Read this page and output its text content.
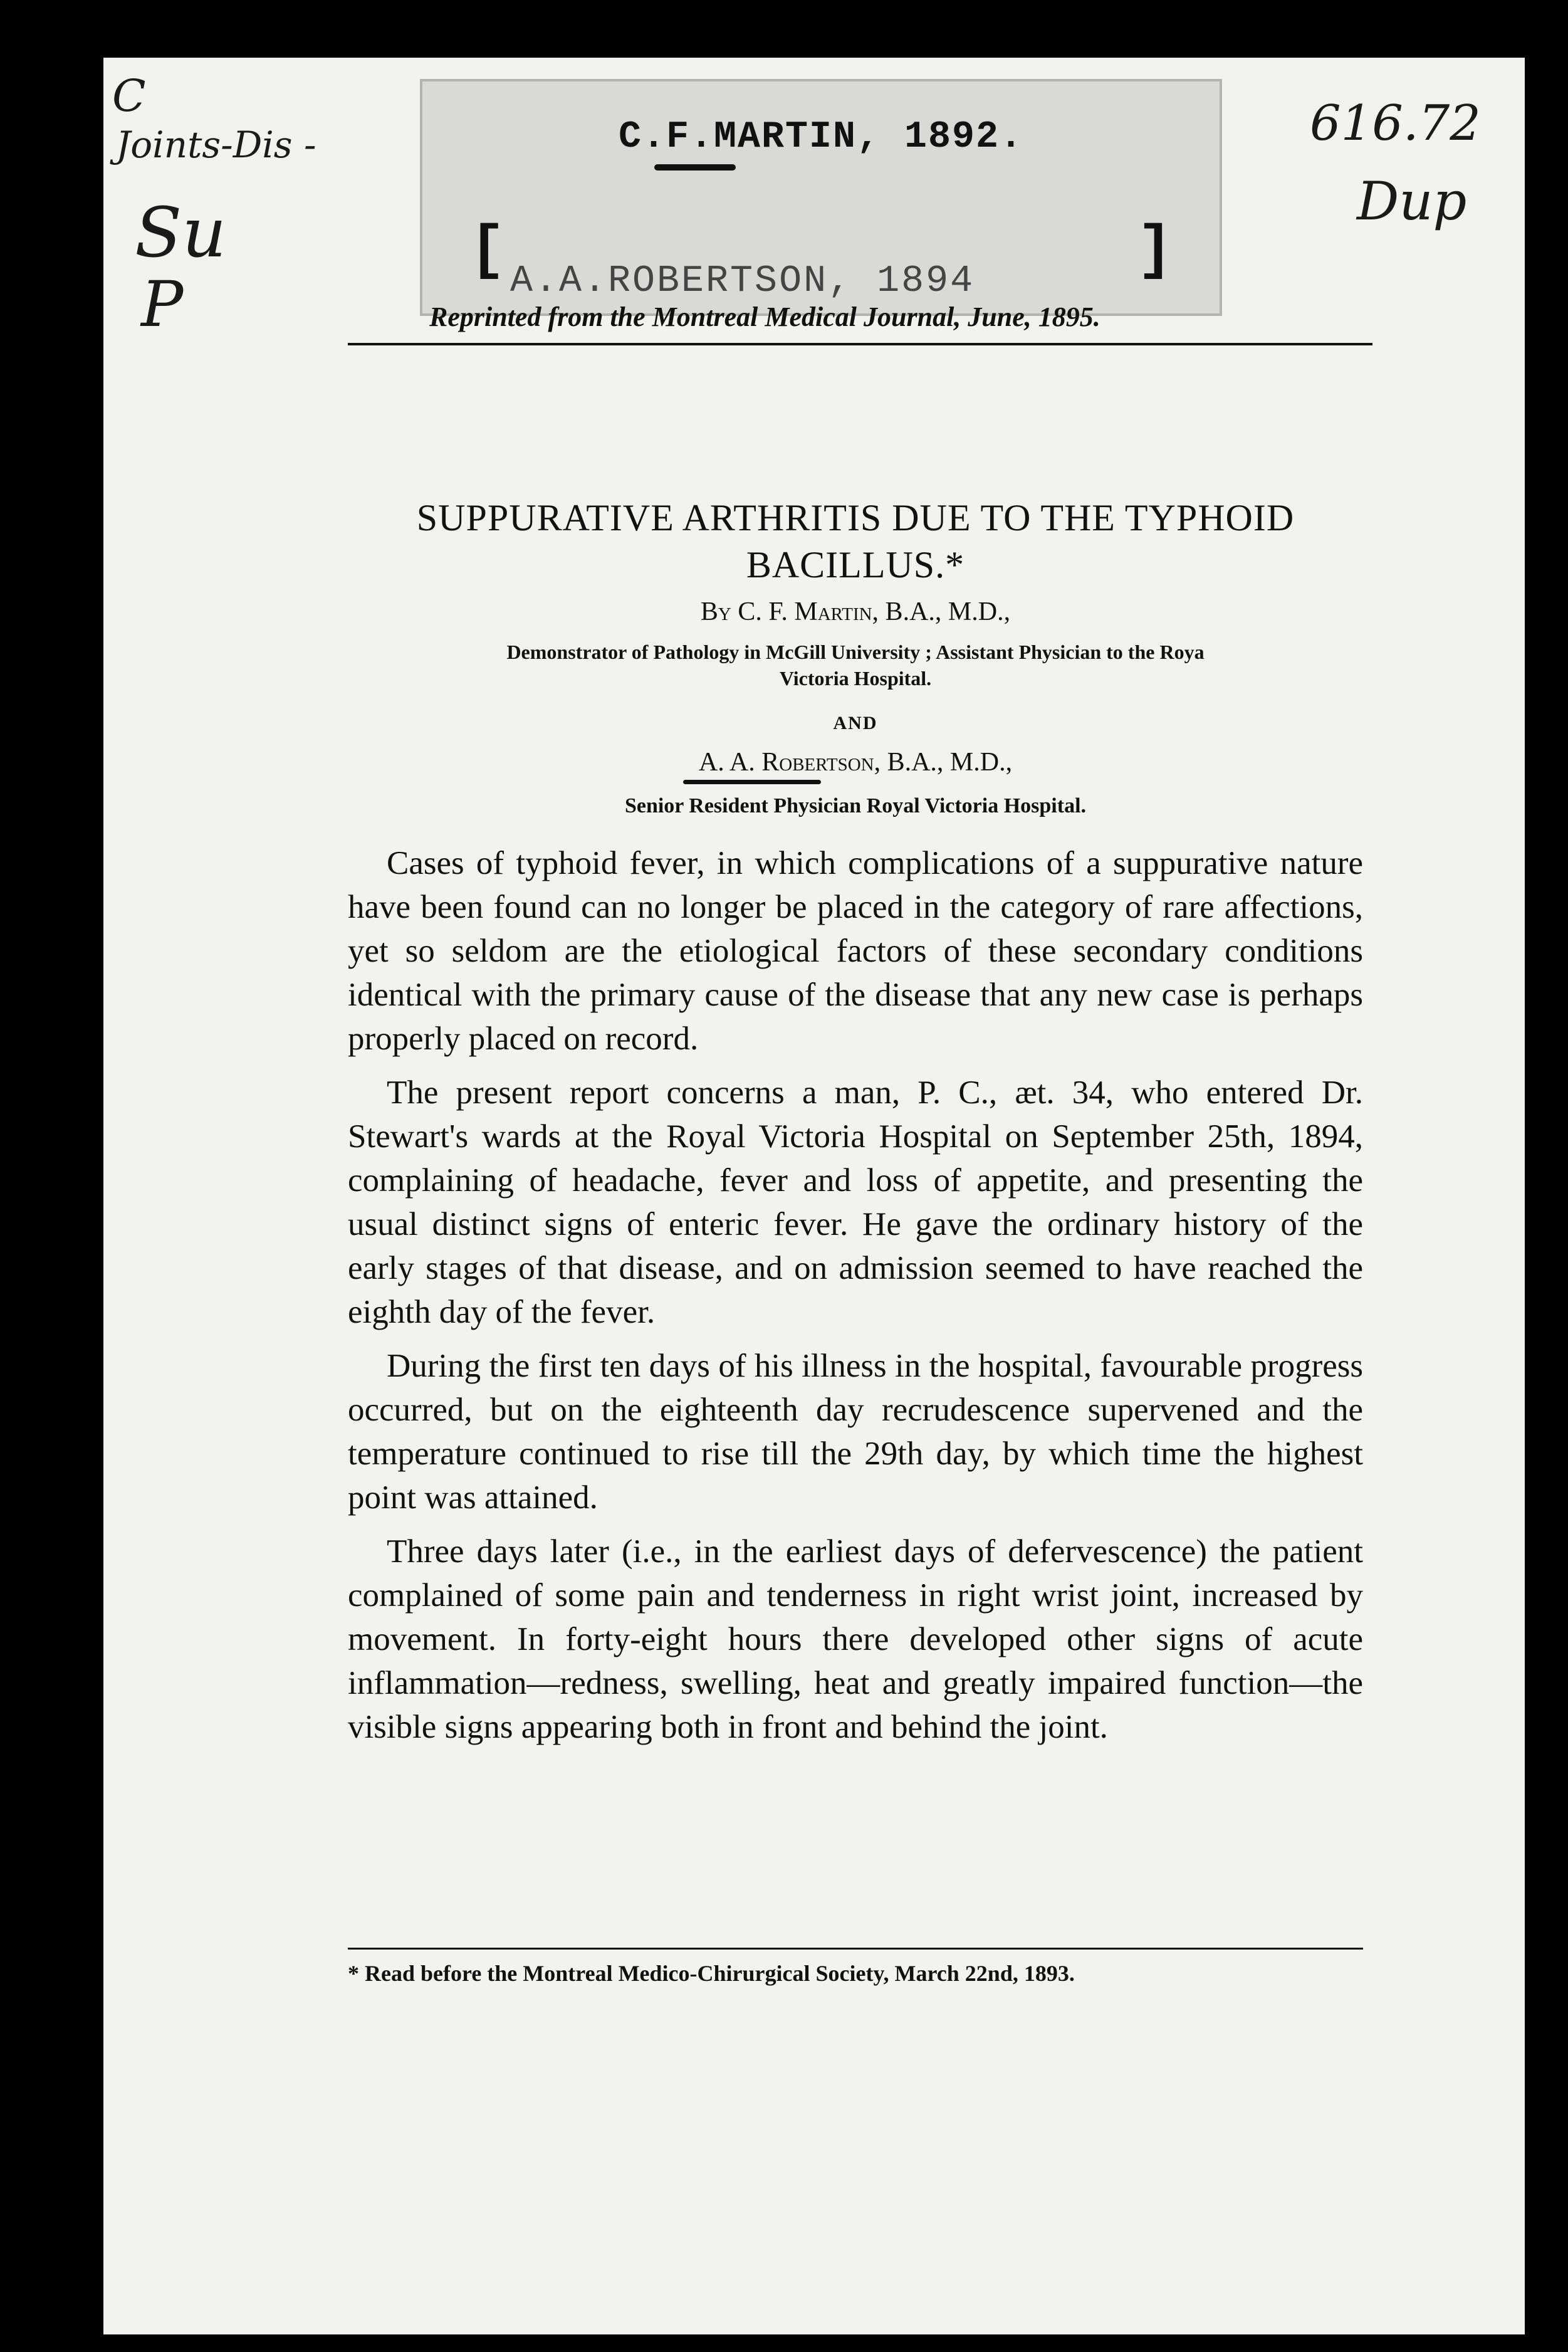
C.F.MARTIN, 1892.
[ A.A.ROBERTSON, 1894	]
C
Joints-Dis -
Su
P
616.72
Dup
Reprinted from the Montreal Medical Journal, June, 1895.
SUPPURATIVE ARTHRITIS DUE TO THE TYPHOID
BACILLUS.*
By C. F. Martin, B.A., M.D.,
Demonstrator of Pathology in McGill University ; Assistant Physician to the Roya
Victoria Hospital.
AND
A. A. Robertson, B.A., M.D.,
Senior Resident Physician Royal Victoria Hospital.

Cases of typhoid fever, in which complications of a suppurative nature have been found can no longer be placed in the category of rare affections, yet so seldom are the etiological factors of these secondary conditions identical with the primary cause of the disease that any new case is perhaps properly placed on record.

The present report concerns a man, P. C., æt. 34, who entered Dr. Stewart's wards at the Royal Victoria Hospital on September 25th, 1894, complaining of headache, fever and loss of appetite, and presenting the usual distinct signs of enteric fever. He gave the ordinary history of the early stages of that disease, and on admission seemed to have reached the eighth day of the fever.

During the first ten days of his illness in the hospital, favourable progress occurred, but on the eighteenth day recrudescence supervened and the temperature continued to rise till the 29th day, by which time the highest point was attained.

Three days later (i.e., in the earliest days of defervescence) the patient complained of some pain and tenderness in right wrist joint, increased by movement. In forty-eight hours there developed other signs of acute inflammation—redness, swelling, heat and greatly impaired function—the visible signs appearing both in front and behind the joint.

* Read before the Montreal Medico-Chirurgical Society, March 22nd, 1893.
